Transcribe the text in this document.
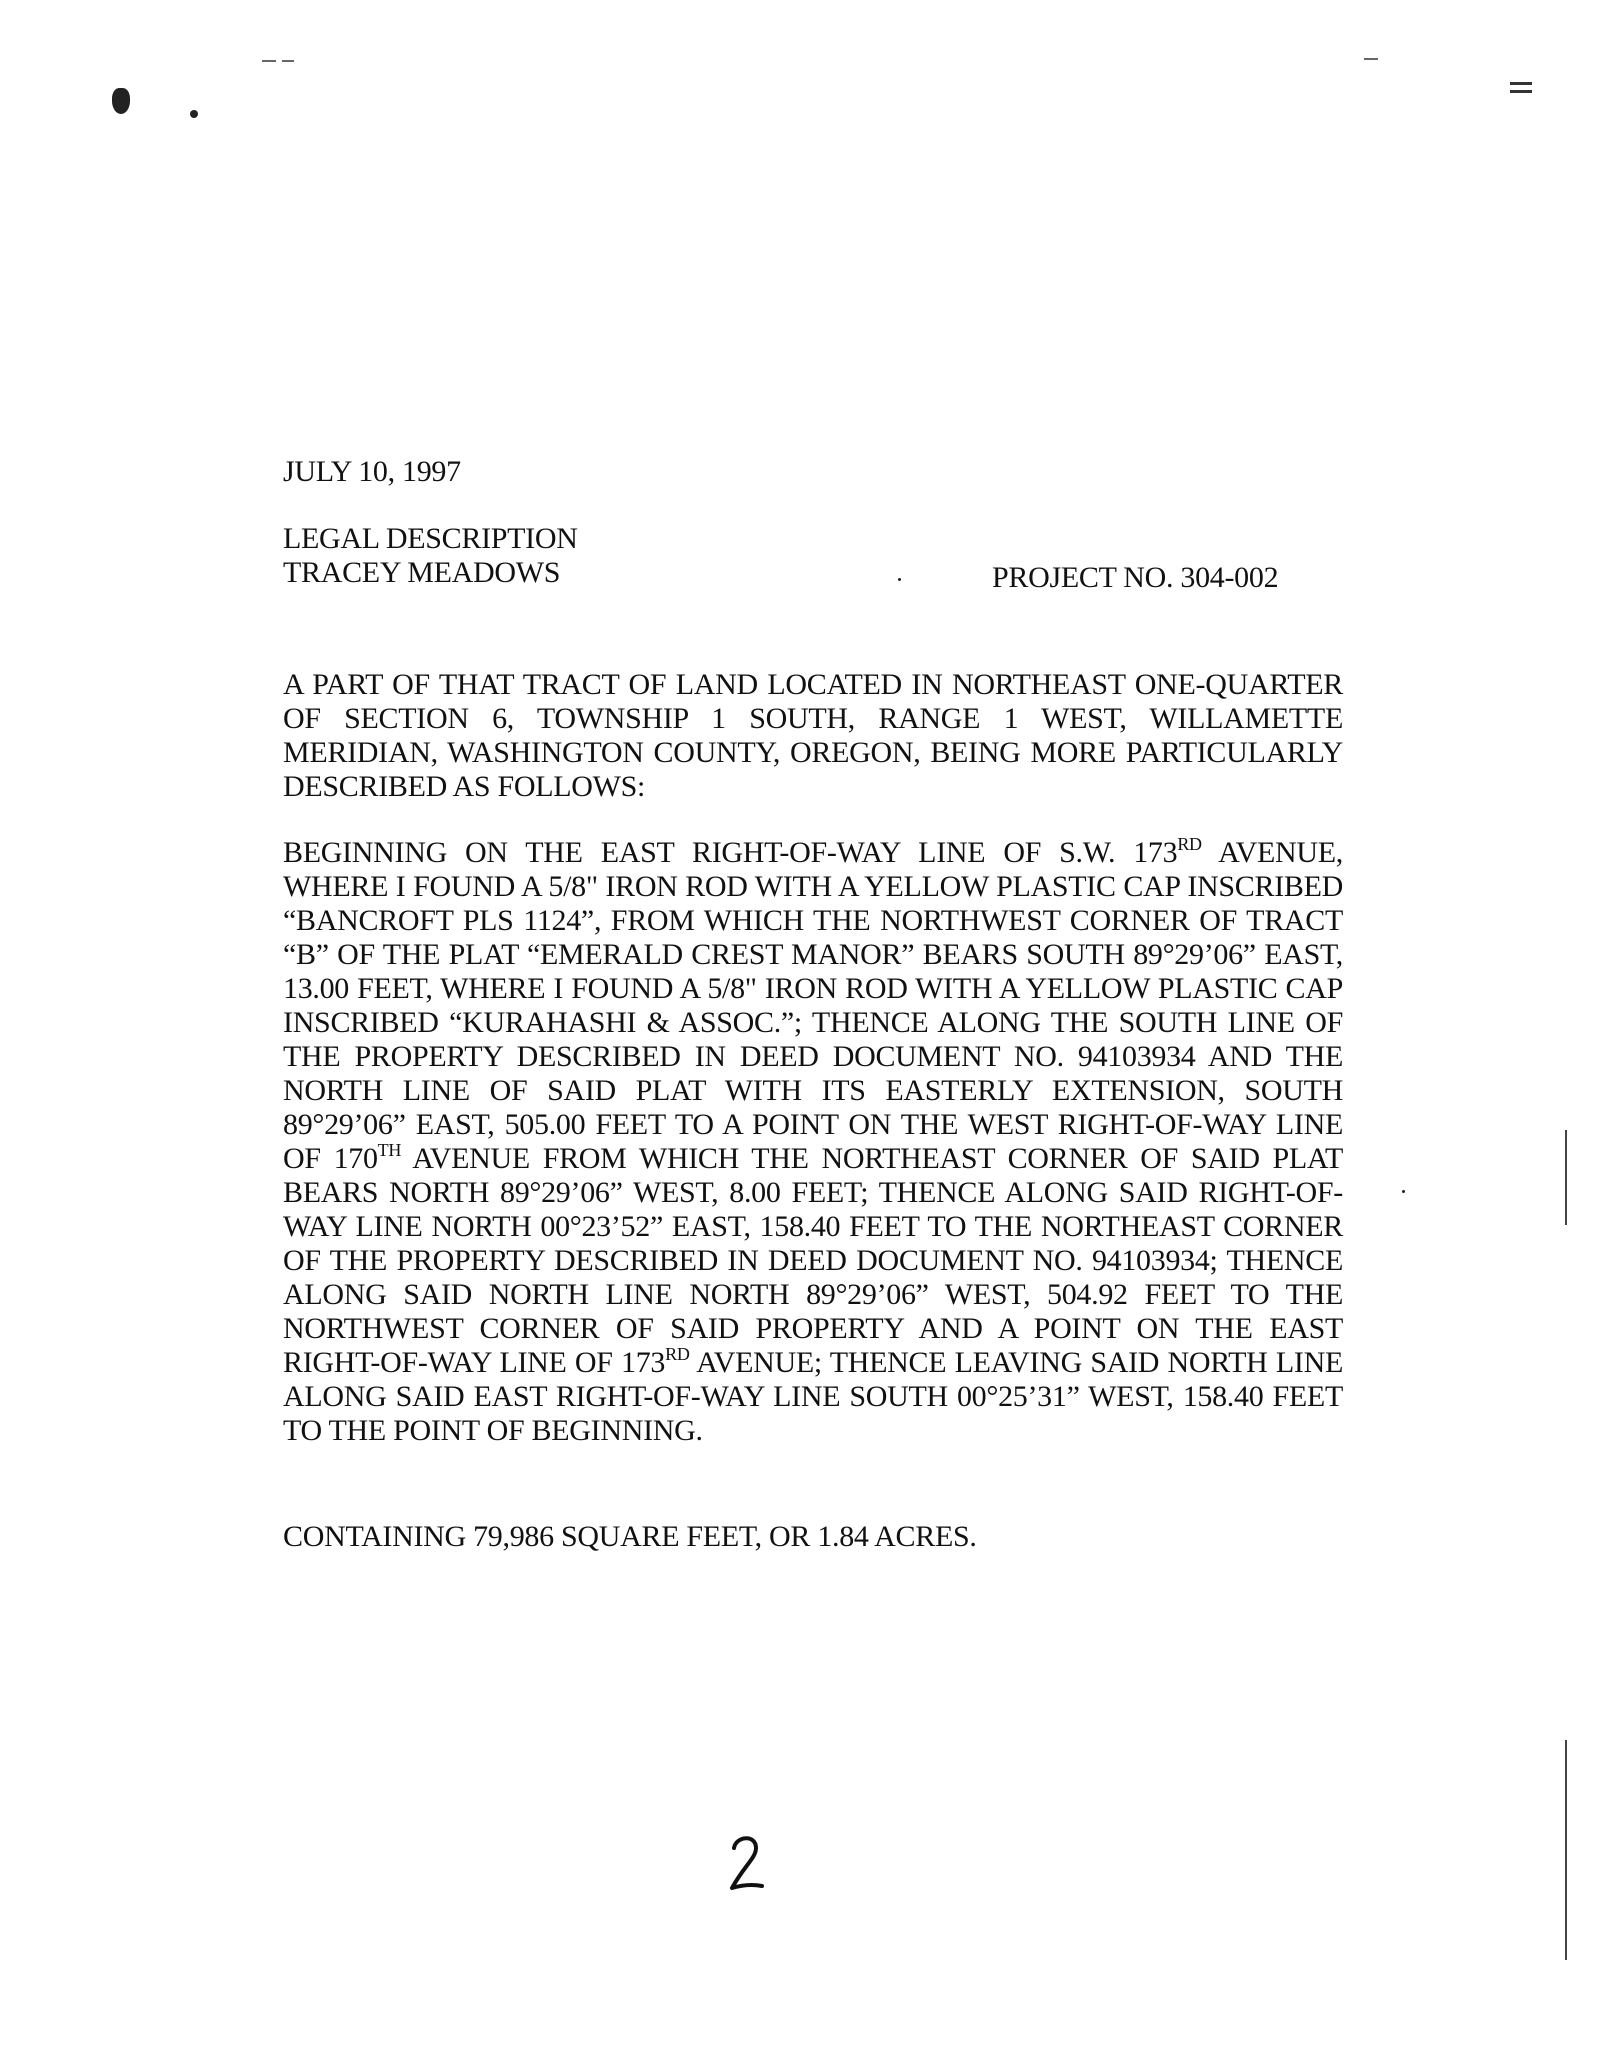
JULY 10, 1997
LEGAL DESCRIPTION
TRACEY MEADOWS	PROJECT NO. 304-002
A PART OF THAT TRACT OF LAND LOCATED IN NORTHEAST ONE-QUARTER OF SECTION 6, TOWNSHIP 1 SOUTH, RANGE 1 WEST, WILLAMETTE MERIDIAN, WASHINGTON COUNTY, OREGON, BEING MORE PARTICULARLY DESCRIBED AS FOLLOWS:
BEGINNING ON THE EAST RIGHT-OF-WAY LINE OF S.W. 173RD AVENUE, WHERE I FOUND A 5/8" IRON ROD WITH A YELLOW PLASTIC CAP INSCRIBED “BANCROFT PLS 1124”, FROM WHICH THE NORTHWEST CORNER OF TRACT “B” OF THE PLAT “EMERALD CREST MANOR” BEARS SOUTH 89°29’06” EAST, 13.00 FEET, WHERE I FOUND A 5/8" IRON ROD WITH A YELLOW PLASTIC CAP INSCRIBED “KURAHASHI & ASSOC.”; THENCE ALONG THE SOUTH LINE OF THE PROPERTY DESCRIBED IN DEED DOCUMENT NO. 94103934 AND THE NORTH LINE OF SAID PLAT WITH ITS EASTERLY EXTENSION, SOUTH 89°29’06” EAST, 505.00 FEET TO A POINT ON THE WEST RIGHT-OF-WAY LINE OF 170TH AVENUE FROM WHICH THE NORTHEAST CORNER OF SAID PLAT BEARS NORTH 89°29’06” WEST, 8.00 FEET; THENCE ALONG SAID RIGHT-OF-WAY LINE NORTH 00°23’52” EAST, 158.40 FEET TO THE NORTHEAST CORNER OF THE PROPERTY DESCRIBED IN DEED DOCUMENT NO. 94103934; THENCE ALONG SAID NORTH LINE NORTH 89°29’06” WEST, 504.92 FEET TO THE NORTHWEST CORNER OF SAID PROPERTY AND A POINT ON THE EAST RIGHT-OF-WAY LINE OF 173RD AVENUE; THENCE LEAVING SAID NORTH LINE ALONG SAID EAST RIGHT-OF-WAY LINE SOUTH 00°25’31” WEST, 158.40 FEET TO THE POINT OF BEGINNING.
CONTAINING 79,986 SQUARE FEET, OR 1.84 ACRES.
